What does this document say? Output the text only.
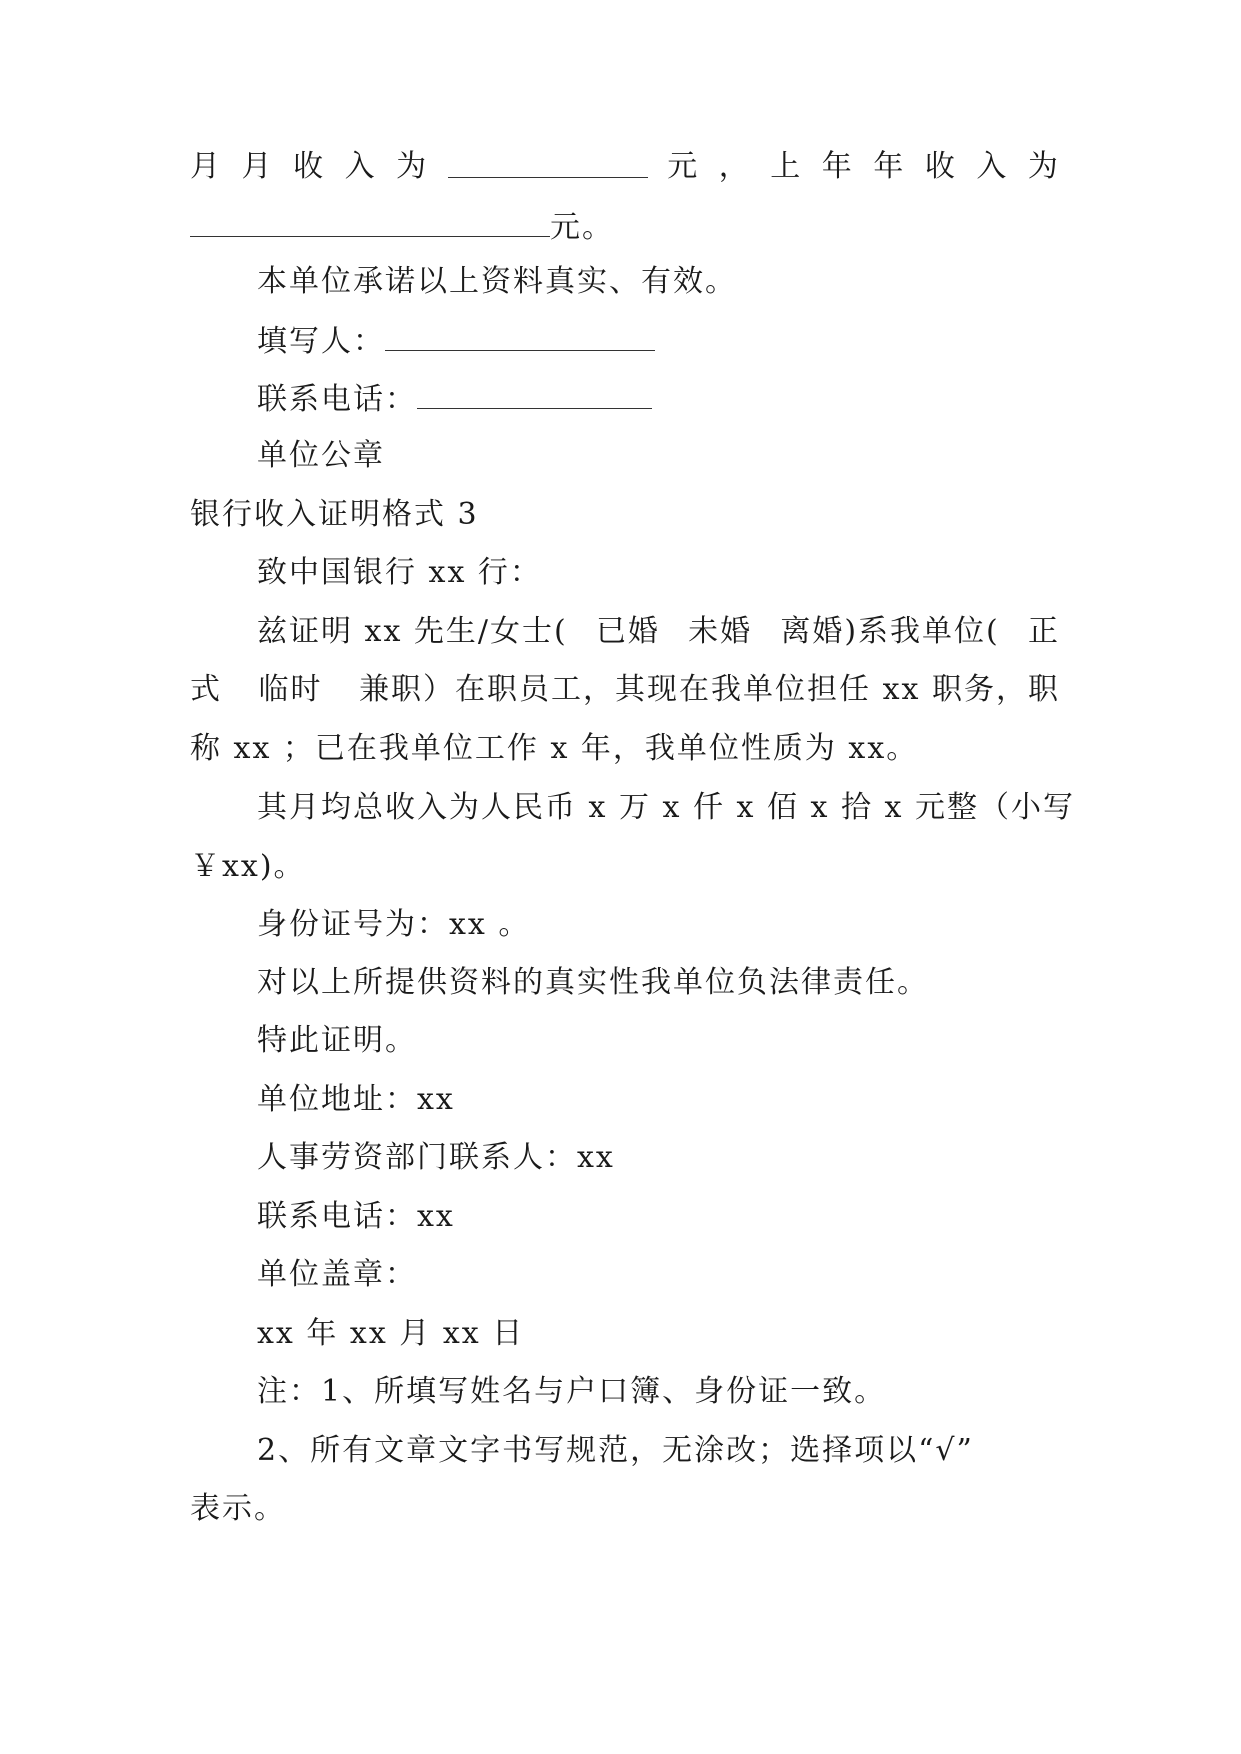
月 月 收 入 为	元 ， 上 年 年 收 入 为
元。
本单位承诺以上资料真实、有效。
填写人：
联系电话：
单位公章
银行收入证明格式 3
致中国银行 xx 行：
兹证明 xx 先生/女士( 已婚 未婚 离婚)系我单位( 正
式 临时 兼职）在职员工，其现在我单位担任 xx 职务，职
称 xx ；已在我单位工作 x 年，我单位性质为 xx。
其月均总收入为人民币 x 万 x 仟 x 佰 x 拾 x 元整（小写
￥xx)。
身份证号为：xx 。
对以上所提供资料的真实性我单位负法律责任。
特此证明。
单位地址：xx
人事劳资部门联系人：xx
联系电话：xx
单位盖章：
xx 年 xx 月 xx 日
注：1、所填写姓名与户口簿、身份证一致。
2、所有文章文字书写规范，无涂改；选择项以“√”
表示。
